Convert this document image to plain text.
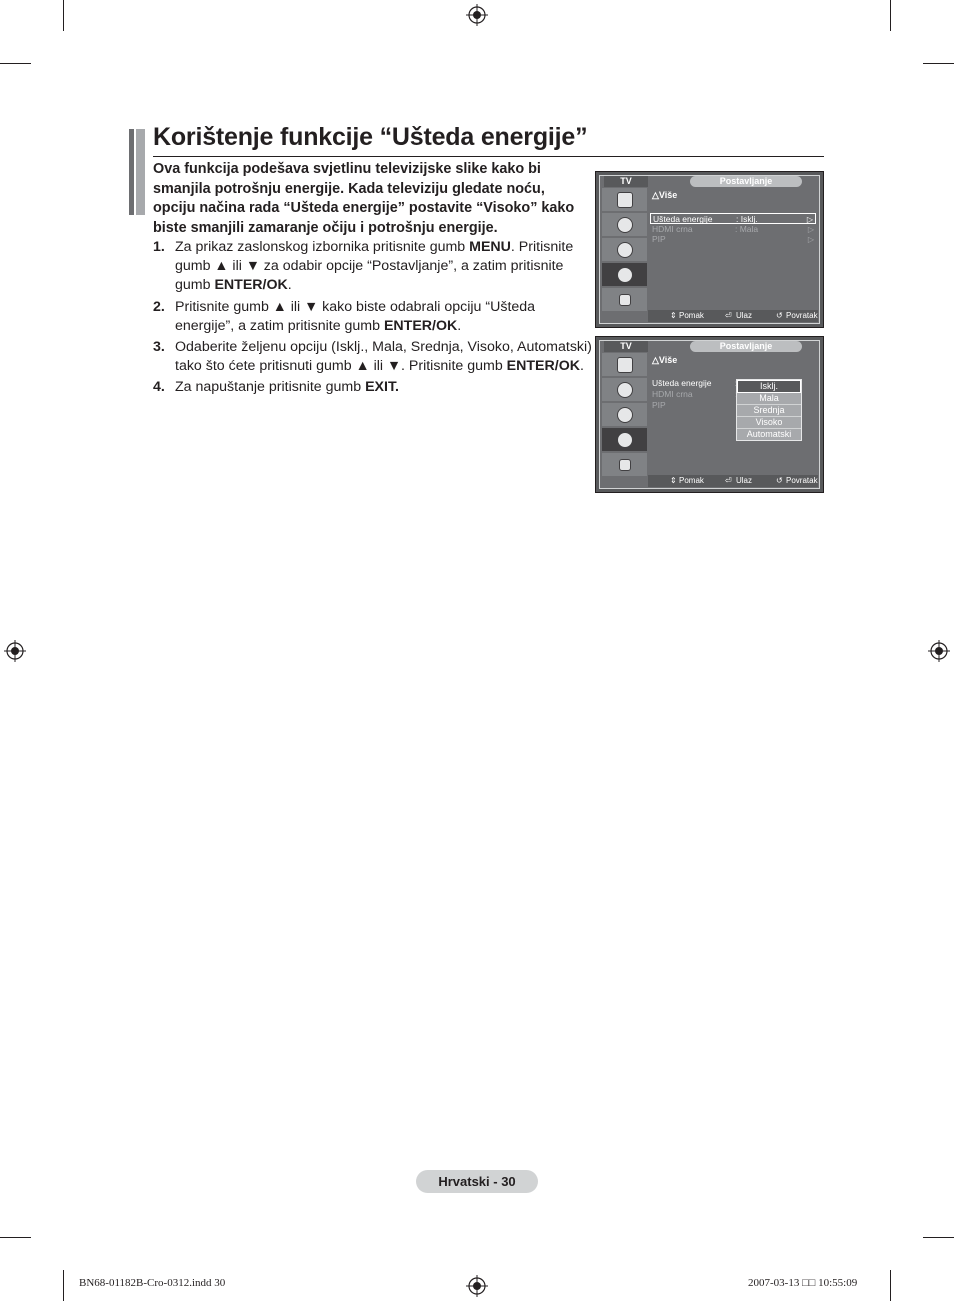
Korištenje funkcije “Ušteda energije”
Ova funkcija podešava svjetlinu televizijske slike kako bi smanjila potrošnju energije. Kada televiziju gledate noću, opciju načina rada “Ušteda energije” postavite “Visoko” kako biste smanjili zamaranje očiju i potrošnju energije.
1. Za prikaz zaslonskog izbornika pritisnite gumb MENU. Pritisnite gumb ▲ ili ▼ za odabir opcije “Postavljanje”, a zatim pritisnite gumb ENTER/OK.
2. Pritisnite gumb ▲ ili ▼ kako biste odabrali opciju “Ušteda energije”, a zatim pritisnite gumb ENTER/OK.
3. Odaberite željenu opciju (Isklj., Mala, Srednja, Visoko, Automatski) tako što ćete pritisnuti gumb ▲ ili ▼. Pritisnite gumb ENTER/OK.
4. Za napuštanje pritisnite gumb EXIT.
TV	Postavljanje
△Više
Ušteda energije	: Isklj.	▷
HDMI crna	: Mala	▷
PIP	▷
⇕ Pomak	⏎ Ulaz	↺ Povratak
TV	Postavljanje
△Više
Ušteda energije
HDMI crna
PIP
Isklj.
Mala
Srednja
Visoko
Automatski
⇕ Pomak	⏎ Ulaz	↺ Povratak
Hrvatski - 30
BN68-01182B-Cro-0312.indd 30	2007-03-13 □□ 10:55:09
